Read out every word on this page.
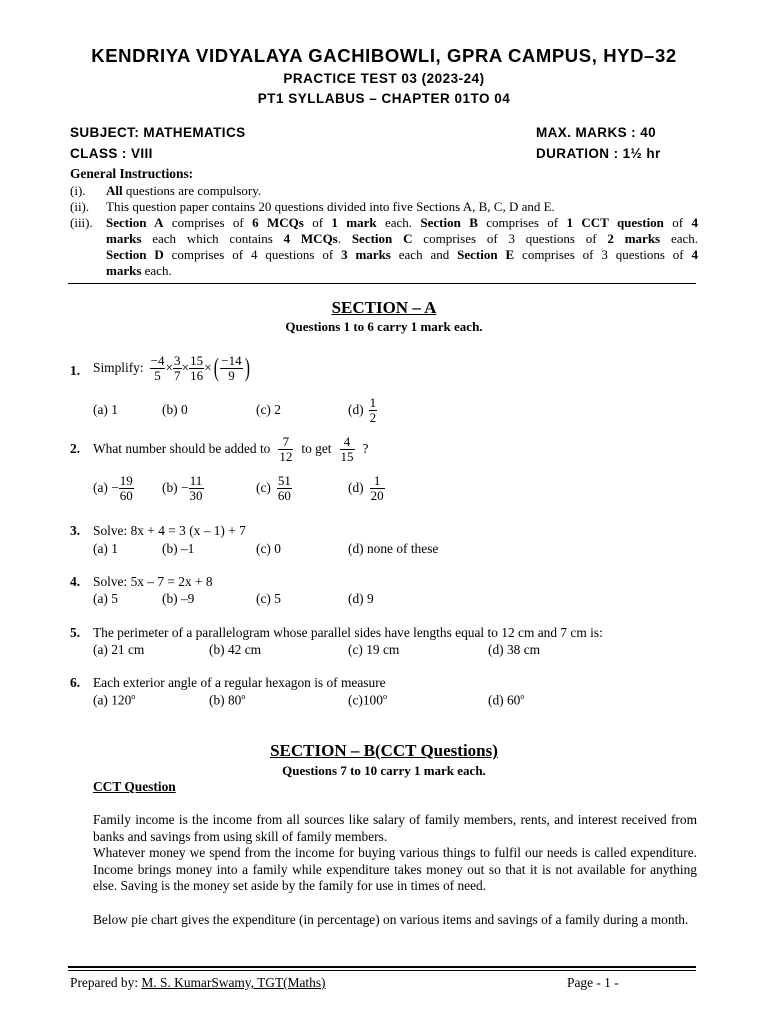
KENDRIYA VIDYALAYA GACHIBOWLI, GPRA CAMPUS, HYD–32
PRACTICE TEST 03 (2023-24)
PT1 SYLLABUS – CHAPTER 01TO 04
SUBJECT: MATHEMATICS
CLASS : VIII
MAX. MARKS : 40
DURATION : 1½ hr
General Instructions:
(i). All questions are compulsory.
(ii). This question paper contains 20 questions divided into five Sections A, B, C, D and E.
(iii). Section A comprises of 6 MCQs of 1 mark each. Section B comprises of 1 CCT question of 4
marks each which contains 4 MCQs. Section C comprises of 3 questions of 2 marks each.
Section D comprises of 4 questions of 3 marks each and Section E comprises of 3 questions of 4
marks each.
SECTION – A
Questions 1 to 6 carry 1 mark each.
1. Simplify: $\frac{-4}{5} \times \frac{3}{7} \times \frac{15}{16}$ × ( $\frac{-14}{9}$ )
(a) 1	(b) 0	(c) 2	$(d) \frac{1}{2}$
2. What number should be added to $\frac{7}{12}$ to get $\frac{4}{15}$ ?
$(a) - \frac{19}{60} (b) - \frac{11}{30}$	$(c) \frac{51}{60}$	$(d) \frac{1}{20}$
3. Solve: 8x + 4 = 3 (x – 1) + 7
(a) 1	(b) –1	(c) 0	(d) none of these
4. Solve: 5x – 7 = 2x + 8
(a) 5	(b) –9	(c) 5	(d) 9
5. The perimeter of a parallelogram whose parallel sides have lengths equal to 12 cm and 7 cm is:
(a) 21 cm	(b) 42 cm	(c) 19 cm	(d) 38 cm
6. Each exterior angle of a regular hexagon is of measure
(a) 120$^o$	(b) 80$^o$	(c)100$^o$	(d) 60$^o$
SECTION – B(CCT Questions)
Questions 7 to 10 carry 1 mark each.
CCT Question
Family income is the income from all sources like salary of family members, rents, and interest received from banks and savings from using skill of family members.
Whatever money we spend from the income for buying various things to fulfil our needs is called expenditure. Income brings money into a family while expenditure takes money out so that it is not available for anything else. Saving is the money set aside by the family for use in times of need.
Below pie chart gives the expenditure (in percentage) on various items and savings of a family during a month.
Prepared by: M. S. KumarSwamy, TGT(Maths)	Page - 1 -
